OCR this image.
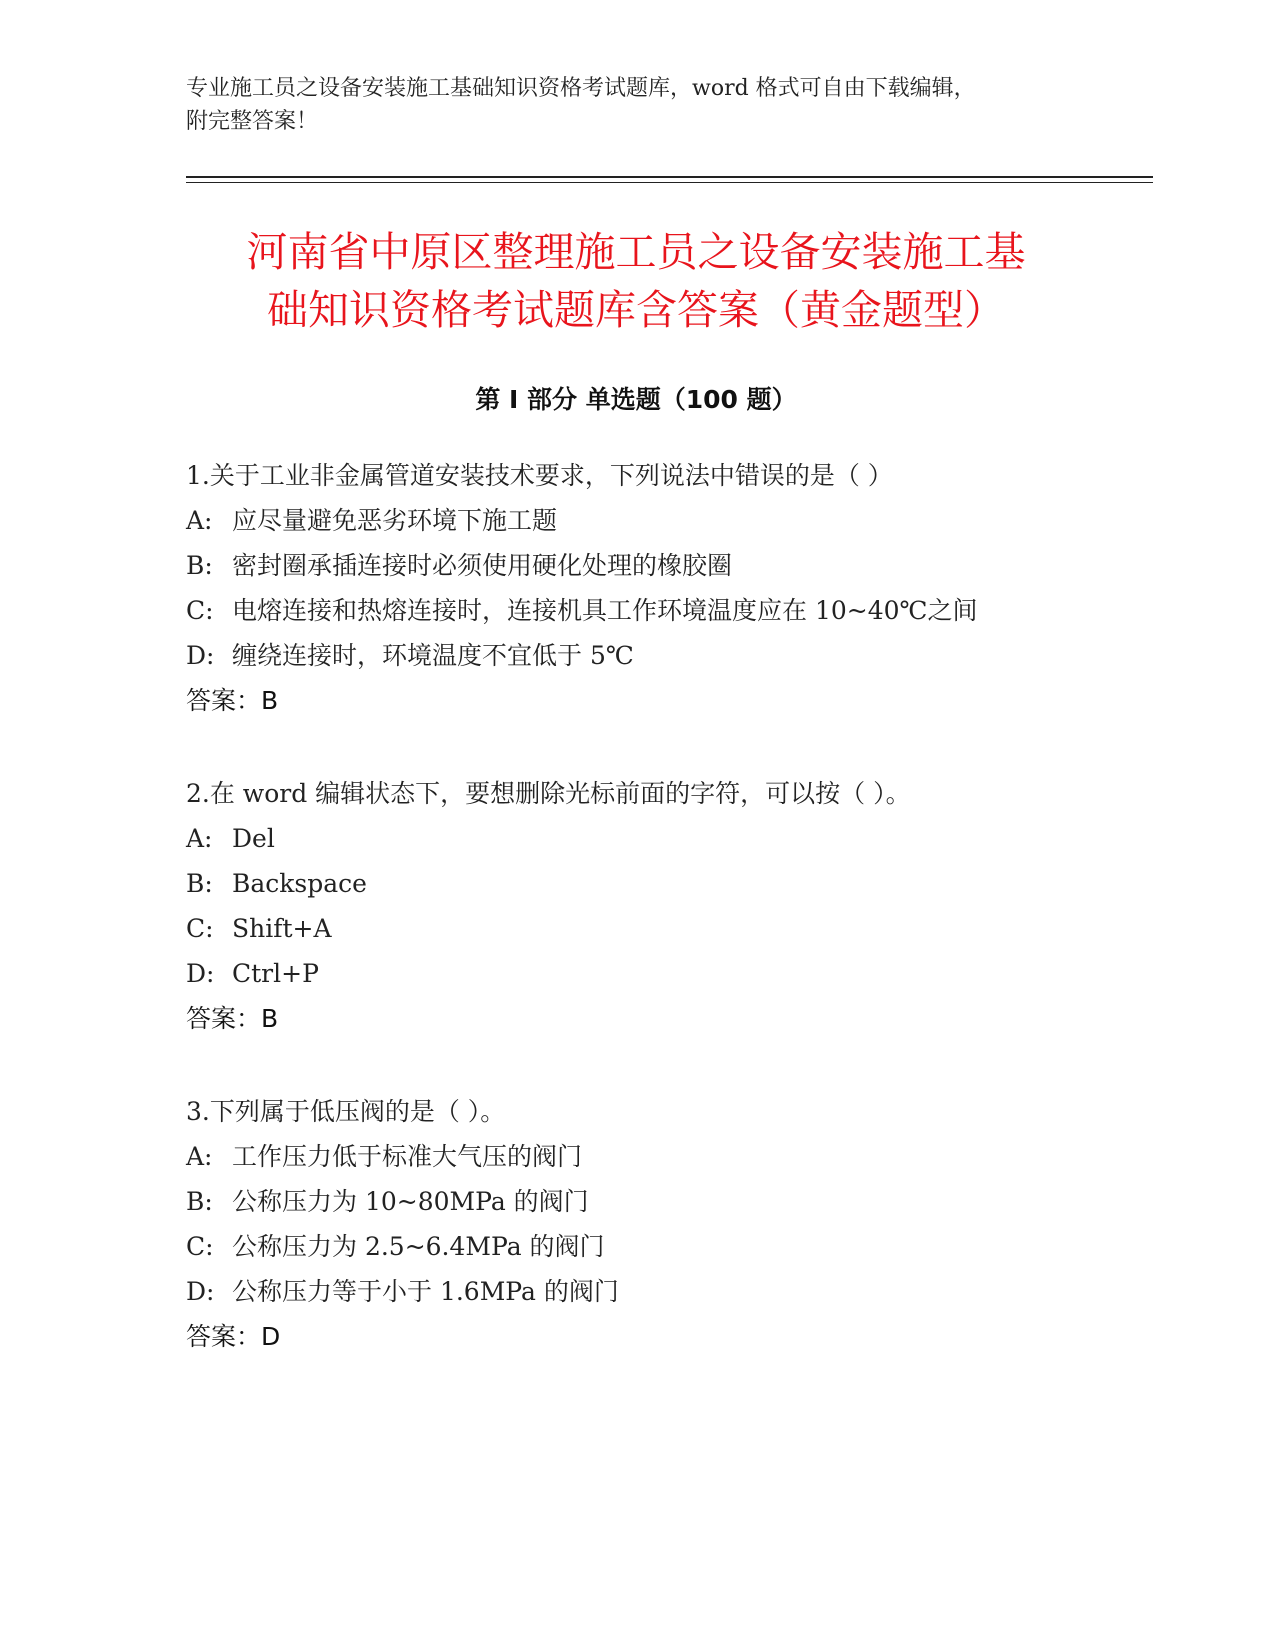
专业施工员之设备安装施工基础知识资格考试题库，word 格式可自由下载编辑，
附完整答案！
河南省中原区整理施工员之设备安装施工基
础知识资格考试题库含答案（黄金题型）
第 I 部分 单选题（100 题）
1.关于工业非金属管道安装技术要求，下列说法中错误的是（ ）
A: 应尽量避免恶劣环境下施工题
B: 密封圈承插连接时必须使用硬化处理的橡胶圈
C: 电熔连接和热熔连接时，连接机具工作环境温度应在 10~40℃之间
D: 缠绕连接时，环境温度不宜低于 5℃
答案：B
2.在 word 编辑状态下，要想删除光标前面的字符，可以按（ ）。
A: Del
B: Backspace
C: Shift+A
D: Ctrl+P
答案：B
3.下列属于低压阀的是（ ）。
A: 工作压力低于标准大气压的阀门
B: 公称压力为 10~80MPa 的阀门
C: 公称压力为 2.5~6.4MPa 的阀门
D: 公称压力等于小于 1.6MPa 的阀门
答案：D
